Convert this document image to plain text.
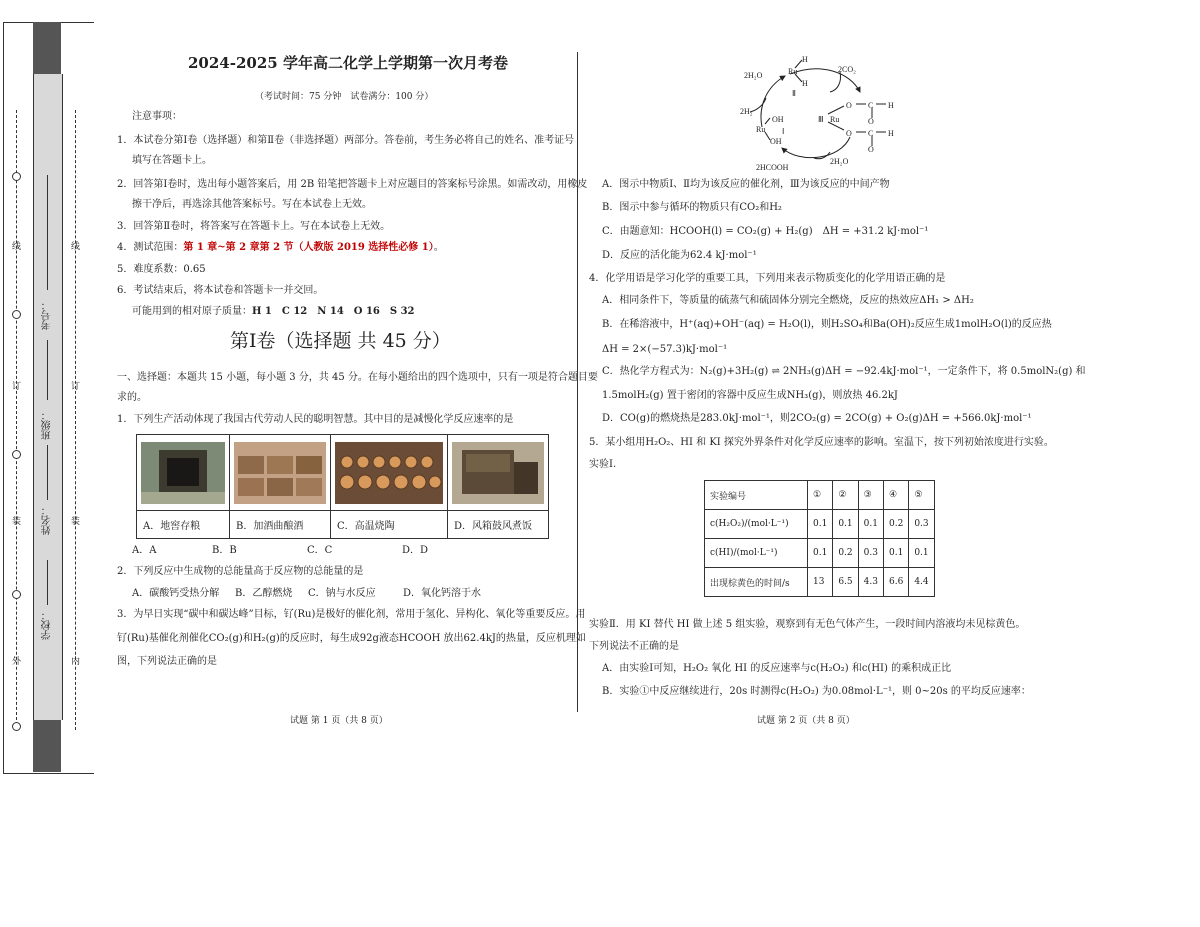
外
装
订
线
学校：
姓名：
班级：
考号：
内
装
订
线
2024-2025 学年高二化学上学期第一次月考卷
（考试时间：75 分钟　试卷满分：100 分）
注意事项：
1．本试卷分第Ⅰ卷（选择题）和第Ⅱ卷（非选择题）两部分。答卷前，考生务必将自己的姓名、准考证号
填写在答题卡上。
2．回答第Ⅰ卷时，选出每小题答案后，用 2B 铅笔把答题卡上对应题目的答案标号涂黑。如需改动，用橡皮
擦干净后，再选涂其他答案标号。写在本试卷上无效。
3．回答第Ⅱ卷时，将答案写在答题卡上。写在本试卷上无效。
4．测试范围：第 1 章~第 2 章第 2 节（人教版 2019 选择性必修 1）。
5．难度系数：0.65
6．考试结束后，将本试卷和答题卡一并交回。
可能用到的相对原子质量：H 1　C 12　N 14　O 16　S 32
第Ⅰ卷（选择题 共 45 分）
一、选择题：本题共 15 小题，每小题 3 分，共 45 分。在每小题给出的四个选项中，只有一项是符合题目要
求的。
1．下列生产活动体现了我国古代劳动人民的聪明智慧。其中目的是减慢化学反应速率的是

A．地窖存粮	B．加酒曲酿酒	C．高温烧陶	D．风箱鼓风煮饭
A．A	B．B	C．C	D．D
2．下列反应中生成物的总能量高于反应物的总能量的是
A．碳酸钙受热分解 B．乙醇燃烧 C．钠与水反应	D．氧化钙溶于水
3．为早日实现“碳中和碳达峰”目标，钌(Ru)是极好的催化剂，常用于氢化、异构化、氧化等重要反应。用
钌(Ru)基催化剂催化CO₂(g)和H₂(g)的反应时，每生成92g液态HCOOH 放出62.4kJ的热量，反应机理如
图，下列说法正确的是
试题 第 1 页（共 8 页）
2H₂O
2CO₂
Ru
H
H
Ⅱ
2H₂
Ru
OH
OH
Ⅰ
Ⅲ Ru
O C H
O
O C H
O
2HCOOH
2H₂O
A．图示中物质Ⅰ、Ⅱ均为该反应的催化剂，Ⅲ为该反应的中间产物
B．图示中参与循环的物质只有CO₂和H₂
C．由题意知：HCOOH(l) = CO₂(g) + H₂(g)　ΔH = +31.2 kJ·mol⁻¹
D．反应的活化能为62.4 kJ·mol⁻¹
4．化学用语是学习化学的重要工具，下列用来表示物质变化的化学用语正确的是
A．相同条件下，等质量的硫蒸气和硫固体分别完全燃烧，反应的热效应ΔH₁ > ΔH₂
B．在稀溶液中，H⁺(aq)+OH⁻(aq) = H₂O(l)，则H₂SO₄和Ba(OH)₂反应生成1molH₂O(l)的反应热
ΔH = 2×(−57.3)kJ·mol⁻¹
C．热化学方程式为：N₂(g)+3H₂(g) ⇌ 2NH₃(g)ΔH = −92.4kJ·mol⁻¹，一定条件下，将 0.5molN₂(g) 和
1.5molH₂(g) 置于密闭的容器中反应生成NH₃(g)，则放热 46.2kJ
D．CO(g)的燃烧热是283.0kJ·mol⁻¹，则2CO₂(g) = 2CO(g) + O₂(g)ΔH = +566.0kJ·mol⁻¹
5．某小组用H₂O₂、HI 和 KI 探究外界条件对化学反应速率的影响。室温下，按下列初始浓度进行实验。
实验Ⅰ.
实验编号	①	②	③	④	⑤
c(H₂O₂)/(mol·L⁻¹)	0.1	0.1	0.1	0.2	0.3
c(HI)/(mol·L⁻¹)	0.1	0.2	0.3	0.1	0.1
出现棕黄色的时间/s	13	6.5	4.3	6.6	4.4
实验Ⅱ．用 KI 替代 HI 做上述 5 组实验，观察到有无色气体产生，一段时间内溶液均未见棕黄色。
下列说法不正确的是
A．由实验Ⅰ可知，H₂O₂ 氧化 HI 的反应速率与c(H₂O₂) 和c(HI) 的乘积成正比
B．实验①中反应继续进行，20s 时测得c(H₂O₂) 为0.08mol·L⁻¹，则 0~20s 的平均反应速率：
试题 第 2 页（共 8 页）
